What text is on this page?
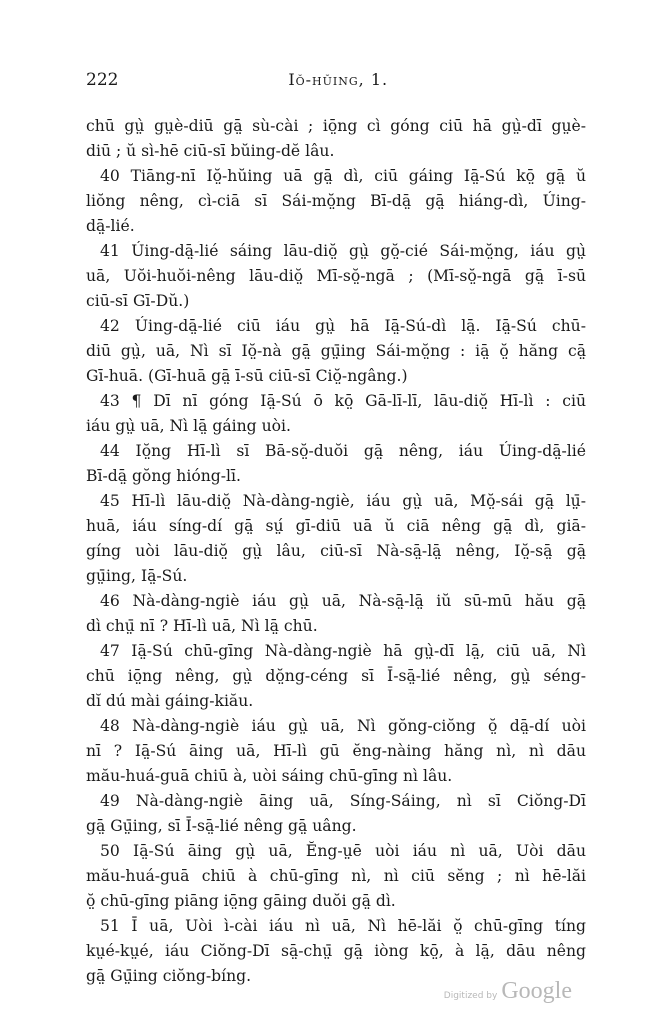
222	Iŏ-hŭing, 1.

chū gṳ̀ gṳè-diū gā̤ sù-cài ; iō̤ng cì góng ciū hā gṳ̀-dī gṳè-

diū ; ŭ sì-hē ciū-sī bŭing-dĕ lâu.

40 Tiāng-nī Iŏ̤-hŭing uā gā̤ dì, ciū gáing Iā̤-Sú kō̤ gā̤ ŭ

liŏng nêng, cì-ciā sī Sái-mŏ̤ng Bī-dā̤ gā̤ hiáng-dì, Úing-

dā̤-lié.

41 Úing-dā̤-lié sáing lāu-diŏ̤ gṳ̀ gŏ̤-cié Sái-mŏ̤ng, iáu gṳ̀

uā, Uŏi-huŏi-nêng lāu-diŏ̤ Mī-sŏ̤-ngā ; (Mī-sŏ̤-ngā gā̤ ī-sū

ciū-sī Gī-Dŭ.)

42 Úing-dā̤-lié ciū iáu gṳ̀ hā Iā̤-Sú-dì lā̤. Iā̤-Sú chū-

diū gṳ̀, uā, Nì sī Iŏ̤-nà gā̤ gṳ̄ing Sái-mŏ̤ng : iā̤ ŏ̤ hăng cā̤

Gī-huā. (Gī-huā gā̤ ī-sū ciū-sī Ciŏ̤-ngâng.)

43 ¶ Dī nī góng Iā̤-Sú ō kō̤ Gā-lī-lī, lāu-diŏ̤ Hī-lì : ciū

iáu gṳ̀ uā, Nì lā̤ gáing uòi.

44 Iŏ̤ng Hī-lì sī Bā-sŏ̤-duŏi gā̤ nêng, iáu Úing-dā̤-lié

Bī-dā̤ gŏng hióng-lī.

45 Hī-lì lāu-diŏ̤ Nà-dàng-ngiè, iáu gṳ̀ uā, Mŏ̤-sái gā̤ lṳ̄-

huā, iáu síng-dí gā̤ sṳ́ gī-diū uā ŭ ciā nêng gā̤ dì, giā-

gíng uòi lāu-diŏ̤ gṳ̀ lâu, ciū-sī Nà-sā̤-lā̤ nêng, Iŏ̤-sā̤ gā̤

gṳ̄ing, Iā̤-Sú.

46 Nà-dàng-ngiè iáu gṳ̀ uā, Nà-sā̤-lā̤ iŭ sū-mū hău gā̤

dì chṳ̄ nī ? Hī-lì uā, Nì lā̤ chū.

47 Iā̤-Sú chū-gīng Nà-dàng-ngiè hā gṳ̀-dī lā̤, ciū uā, Nì

chū iō̤ng nêng, gṳ̀ dŏ̤ng-céng sī Ī-sā̤-lié nêng, gṳ̀ séng-

dĭ dú mài gáing-kiău.

48 Nà-dàng-ngiè iáu gṳ̀ uā, Nì gŏng-ciŏng ŏ̤ dā̤-dí uòi

nī ? Iā̤-Sú āing uā, Hī-lì gū ĕng-nàing hăng nì, nì dāu

mău-huá-guā chiū à, uòi sáing chū-gīng nì lâu.

49 Nà-dàng-ngiè āing uā, Síng-Sáing, nì sī Ciŏng-Dī

gā̤ Gṳ̄ing, sī Ī-sā̤-lié nêng gā̤ uâng.

50 Iā̤-Sú āing gṳ̀ uā, Ĕng-ṳē uòi iáu nì uā, Uòi dāu

mău-huá-guā chiū à chū-gīng nì, nì ciū sĕng ; nì hē-lăi

ŏ̤ chū-gīng piāng iō̤ng gāing duŏi gā̤ dì.

51 Ī uā, Uòi ì-cài iáu nì uā, Nì hē-lăi ŏ̤ chū-gīng tíng

kṳé-kṳé, iáu Ciŏng-Dī sā̤-chṳ̄ gā̤ iòng kō̤, à lā̤, dāu nêng

gā̤ Gṳ̄ing ciŏng-bíng.

Digitized by Google
